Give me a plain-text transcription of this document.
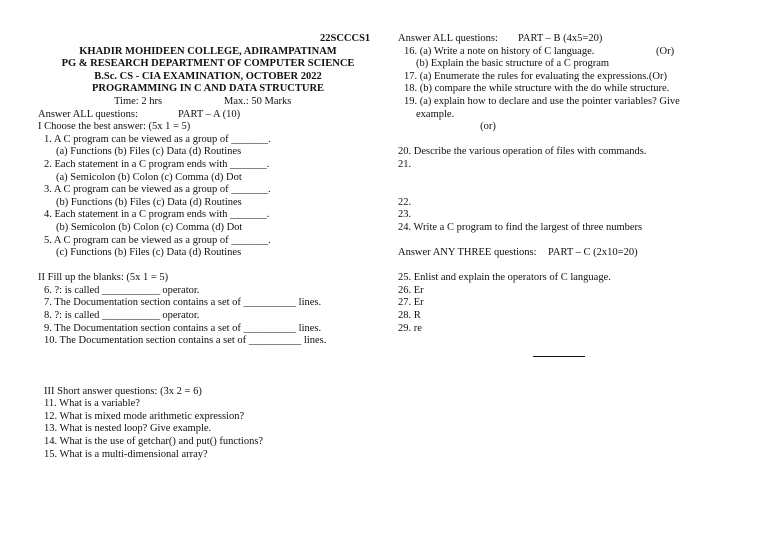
22SCCCS1
KHADIR MOHIDEEN COLLEGE, ADIRAMPATINAM
PG & RESEARCH DEPARTMENT OF COMPUTER SCIENCE
B.Sc. CS - CIA EXAMINATION, OCTOBER 2022
PROGRAMMING IN C AND DATA STRUCTURE
Time: 2 hrs	Max.: 50 Marks
Answer ALL questions:	PART – A (10)
I Choose the best answer: (5x 1 = 5)
1. A C program can be viewed as a group of _______.
(a) Functions (b) Files (c) Data (d) Routines
2. Each statement in a C program ends with _______.
(a) Semicolon (b) Colon (c) Comma (d) Dot
3. A C program can be viewed as a group of _______.
(b) Functions (b) Files (c) Data (d) Routines
4. Each statement in a C program ends with _______.
(b) Semicolon (b) Colon (c) Comma (d) Dot
5. A C program can be viewed as a group of _______.
(c) Functions (b) Files (c) Data (d) Routines
II Fill up the blanks: (5x 1 = 5)
6. ?: is called ___________ operator.
7. The Documentation section contains a set of __________ lines.
8. ?: is called ___________ operator.
9. The Documentation section contains a set of __________ lines.
10. The Documentation section contains a set of __________ lines.
III Short answer questions: (3x 2 = 6)
11. What is a variable?
12. What is mixed mode arithmetic expression?
13. What is nested loop? Give example.
14. What is the use of getchar() and put() functions?
15. What is a multi-dimensional array?
Answer ALL questions: PART – B (4x5=20)
16. (a) Write a note on history of C language.	(Or)
(b) Explain the basic structure of a C program
17. (a) Enumerate the rules for evaluating the expressions.(Or)
18. (b) compare the while structure with the do while structure.
19. (a) explain how to declare and use the pointer variables? Give
example.
(or)
20. Describe the various operation of files with commands.
21.
22.
23.
24. Write a C program to find the largest of three numbers
Answer ANY THREE questions: PART – C (2x10=20)
25. Enlist and explain the operators of C language.
26. Er
27. Er
28. R
29. re
